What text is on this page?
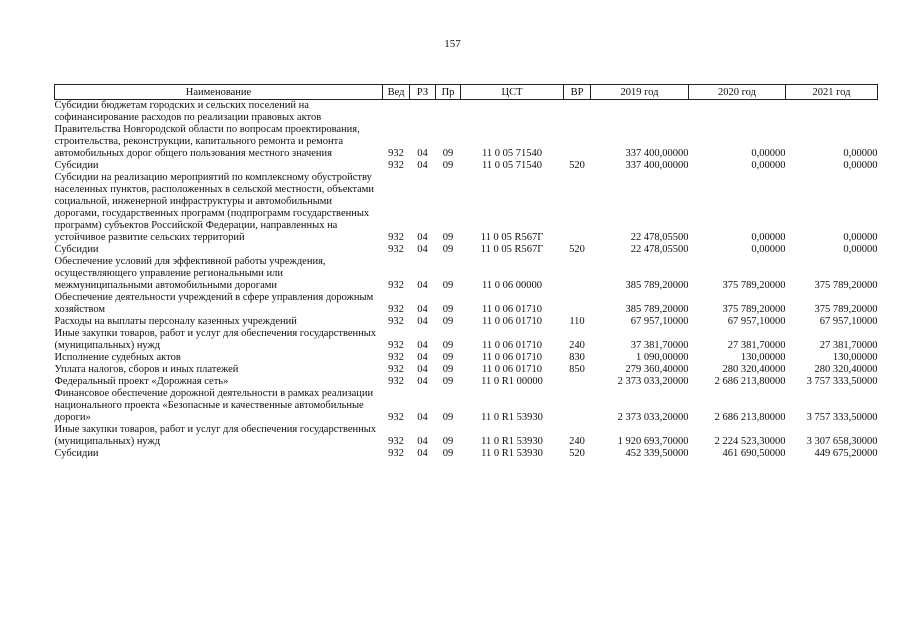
157
Наименование	Вед	РЗ	Пр	ЦСТ	ВР	2019 год	2020 год	2021 год
Субсидии бюджетам городских и сельских поселений на софинансирование расходов по реализации правовых актов Правительства Новгородской области по вопросам проектирования, строительства, реконструкции, капитального ремонта и ремонта автомобильных дорог общего пользования местного значения	932	04	09	11 0 05 71540		337 400,00000	0,00000	0,00000
Субсидии	932	04	09	11 0 05 71540	520	337 400,00000	0,00000	0,00000
Субсидии на реализацию мероприятий по комплексному обустройству населенных пунктов, расположенных в сельской местности, объектами социальной, инженерной инфраструктуры и автомобильными дорогами, государственных программ (подпрограмм государственных программ) субъектов Российской Федерации, направленных на устойчивое развитие сельских территорий	932	04	09	11 0 05 R567Г		22 478,05500	0,00000	0,00000
Субсидии	932	04	09	11 0 05 R567Г	520	22 478,05500	0,00000	0,00000
Обеспечение условий для эффективной работы учреждения, осуществляющего управление региональными или межмуниципальными автомобильными дорогами	932	04	09	11 0 06 00000		385 789,20000	375 789,20000	375 789,20000
Обеспечение деятельности учреждений в сфере управления дорожным хозяйством	932	04	09	11 0 06 01710		385 789,20000	375 789,20000	375 789,20000
Расходы на выплаты персоналу казенных учреждений	932	04	09	11 0 06 01710	110	67 957,10000	67 957,10000	67 957,10000
Иные закупки товаров, работ и услуг для обеспечения государственных (муниципальных) нужд	932	04	09	11 0 06 01710	240	37 381,70000	27 381,70000	27 381,70000
Исполнение судебных актов	932	04	09	11 0 06 01710	830	1 090,00000	130,00000	130,00000
Уплата налогов, сборов и иных платежей	932	04	09	11 0 06 01710	850	279 360,40000	280 320,40000	280 320,40000
Федеральный проект «Дорожная сеть»	932	04	09	11 0 R1 00000		2 373 033,20000	2 686 213,80000	3 757 333,50000
Финансовое обеспечение дорожной деятельности в рамках реализации национального проекта «Безопасные и качественные автомобильные дороги»	932	04	09	11 0 R1 53930		2 373 033,20000	2 686 213,80000	3 757 333,50000
Иные закупки товаров, работ и услуг для обеспечения государственных (муниципальных) нужд	932	04	09	11 0 R1 53930	240	1 920 693,70000	2 224 523,30000	3 307 658,30000
Субсидии	932	04	09	11 0 R1 53930	520	452 339,50000	461 690,50000	449 675,20000
